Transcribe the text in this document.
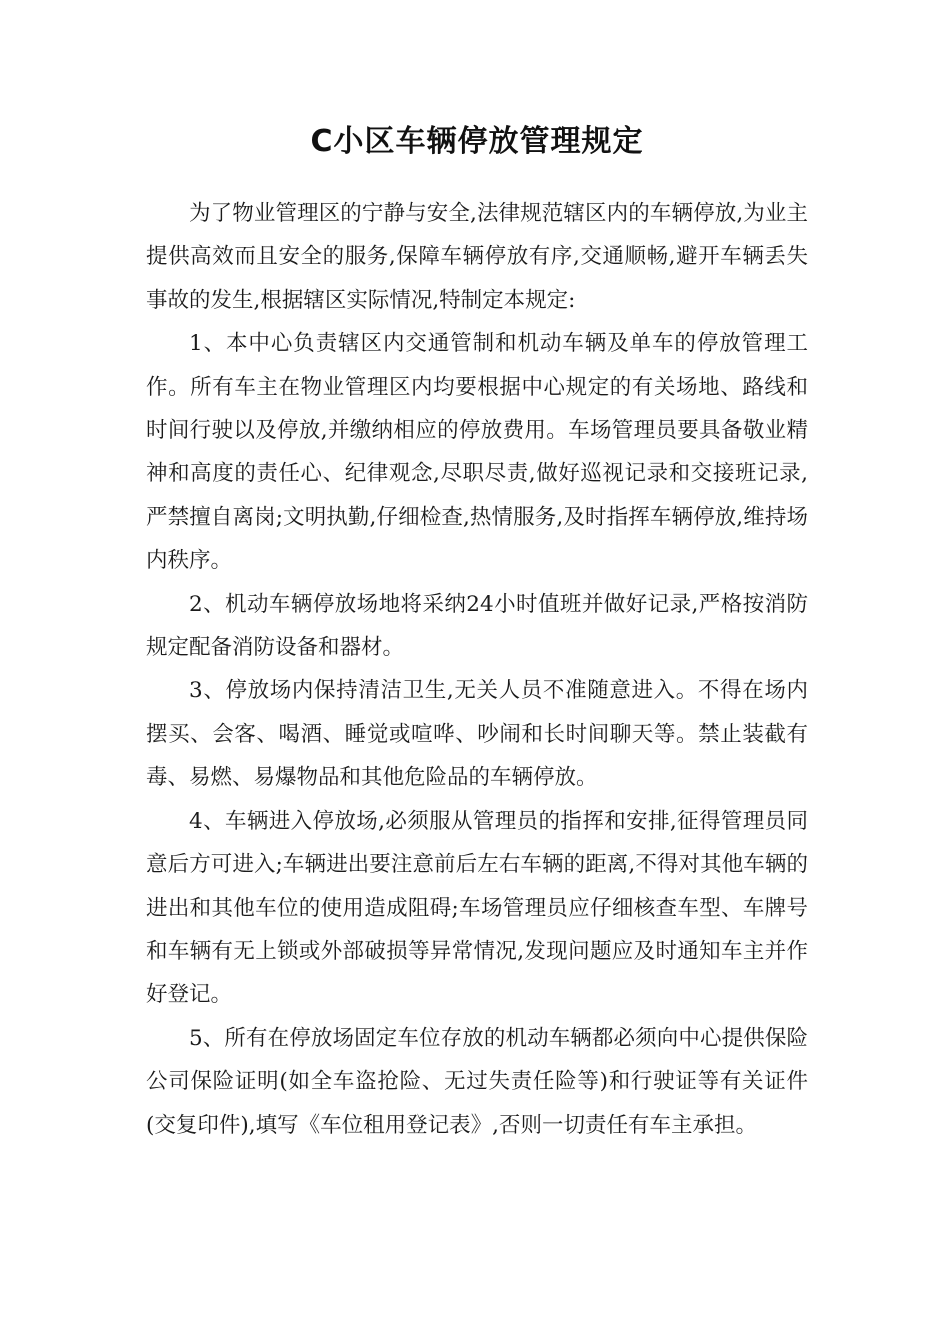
C小区车辆停放管理规定

为了物业管理区的宁静与安全,法律规范辖区内的车辆停放,为业主提供高效而且安全的服务,保障车辆停放有序,交通顺畅,避开车辆丢失事故的发生,根据辖区实际情况,特制定本规定:

1、本中心负责辖区内交通管制和机动车辆及单车的停放管理工作。所有车主在物业管理区内均要根据中心规定的有关场地、路线和时间行驶以及停放,并缴纳相应的停放费用。车场管理员要具备敬业精神和高度的责任心、纪律观念,尽职尽责,做好巡视记录和交接班记录,严禁擅自离岗;文明执勤,仔细检查,热情服务,及时指挥车辆停放,维持场内秩序。

2、机动车辆停放场地将采纳24小时值班并做好记录,严格按消防规定配备消防设备和器材。

3、停放场内保持清洁卫生,无关人员不准随意进入。不得在场内摆买、会客、喝酒、睡觉或喧哗、吵闹和长时间聊天等。禁止装截有毒、易燃、易爆物品和其他危险品的车辆停放。

4、车辆进入停放场,必须服从管理员的指挥和安排,征得管理员同意后方可进入;车辆进出要注意前后左右车辆的距离,不得对其他车辆的进出和其他车位的使用造成阻碍;车场管理员应仔细核查车型、车牌号和车辆有无上锁或外部破损等异常情况,发现问题应及时通知车主并作好登记。

5、所有在停放场固定车位存放的机动车辆都必须向中心提供保险公司保险证明(如全车盗抢险、无过失责任险等)和行驶证等有关证件(交复印件),填写《车位租用登记表》,否则一切责任有车主承担。
